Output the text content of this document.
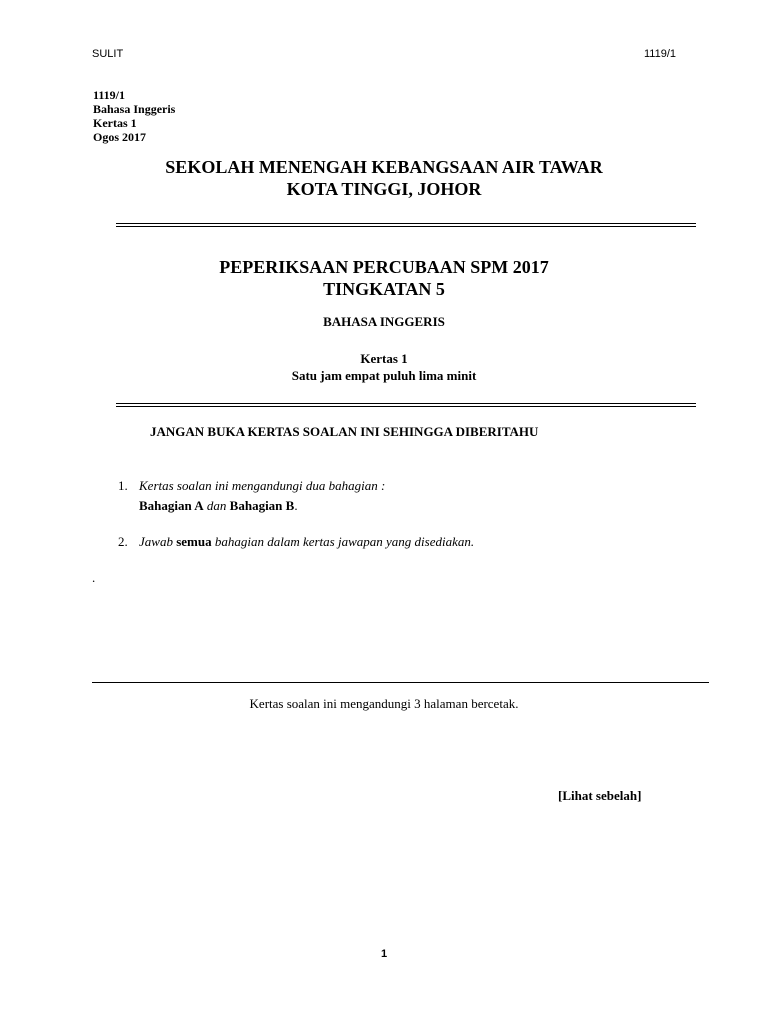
SULIT	1119/1
1119/1
Bahasa Inggeris
Kertas 1
Ogos 2017
SEKOLAH MENENGAH KEBANGSAAN AIR TAWAR
KOTA TINGGI, JOHOR
PEPERIKSAAN PERCUBAAN SPM 2017
TINGKATAN 5
BAHASA INGGERIS
Kertas 1
Satu jam empat puluh lima minit
JANGAN BUKA KERTAS SOALAN INI SEHINGGA DIBERITAHU
1. Kertas soalan ini mengandungi dua bahagian :
Bahagian A dan Bahagian B.
2. Jawab semua bahagian dalam kertas jawapan yang disediakan.
.
Kertas soalan ini mengandungi 3 halaman bercetak.
[Lihat sebelah]
1
